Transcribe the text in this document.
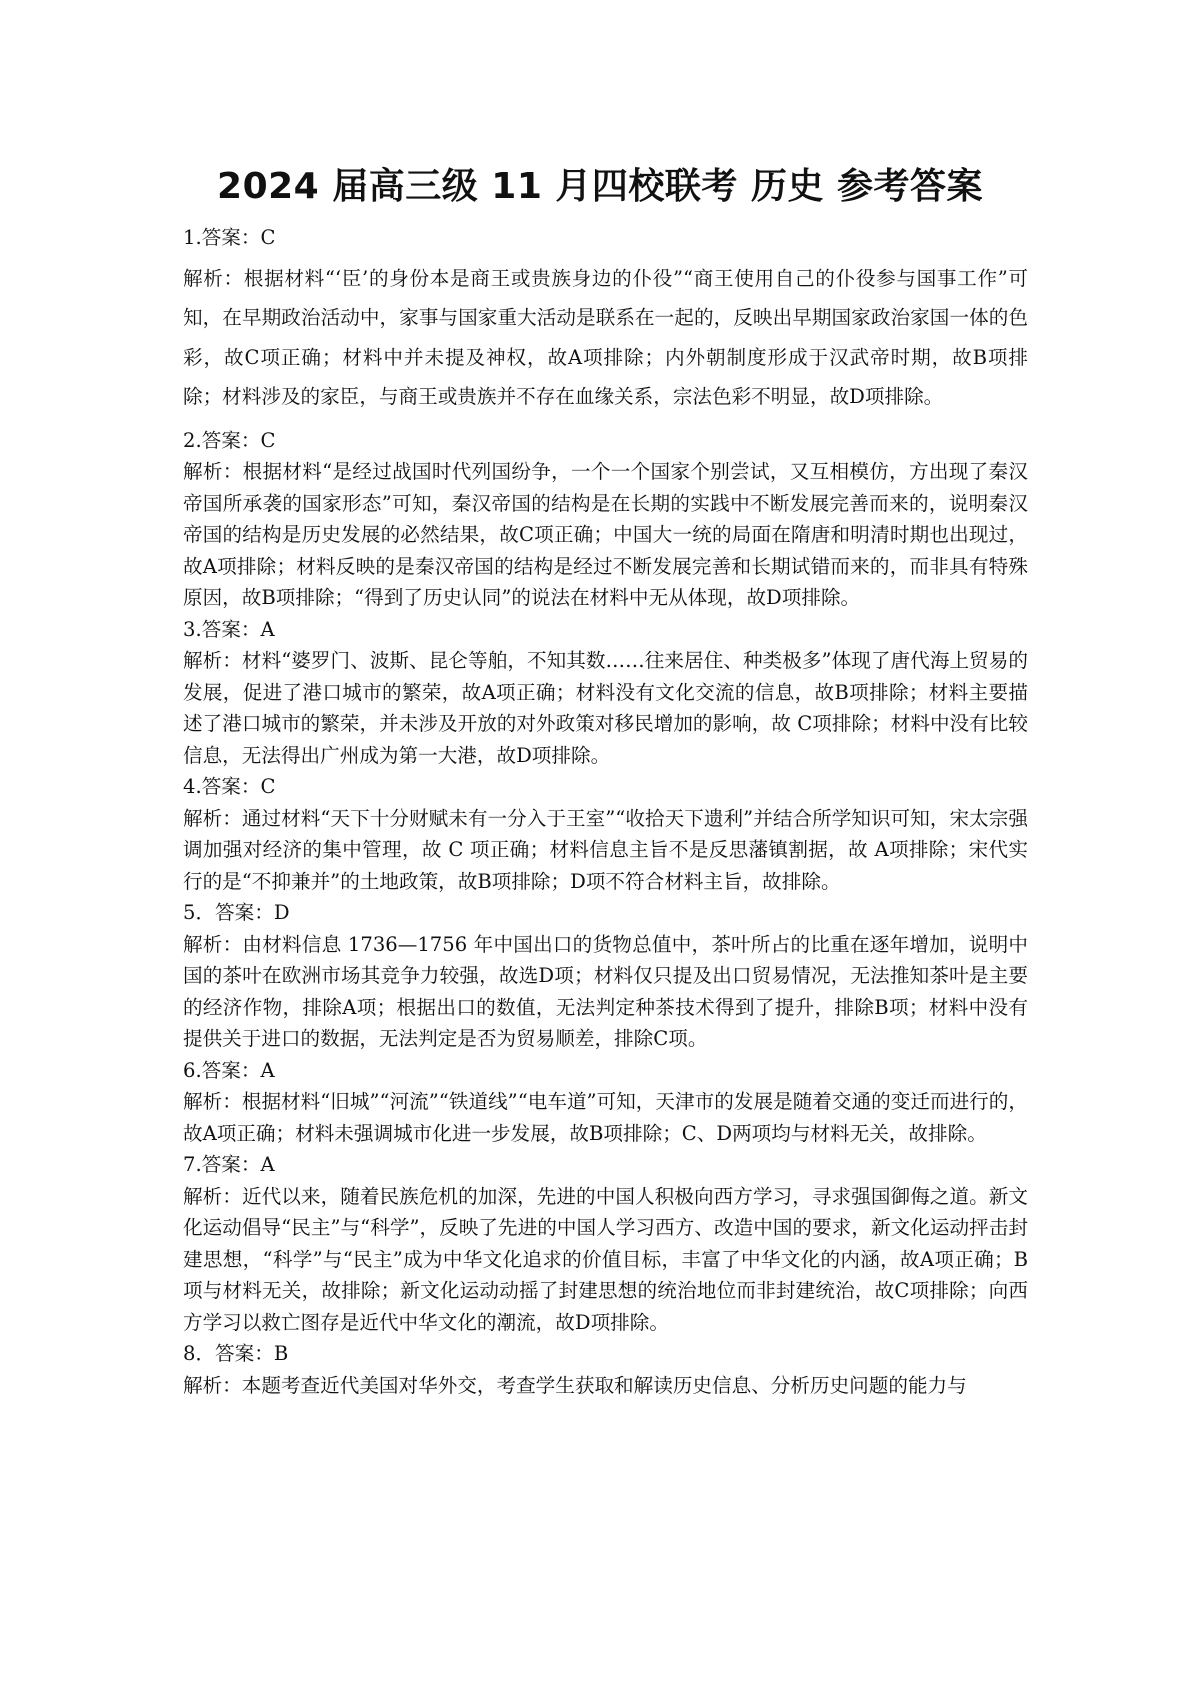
2024 届高三级 11 月四校联考 历史 参考答案

1.答案：C

解析：根据材料“‘臣’的身份本是商王或贵族身边的仆役”“商王使用自己的仆役参与国事工作”可知，在早期政治活动中，家事与国家重大活动是联系在一起的，反映出早期国家政治家国一体的色彩，故C项正确；材料中并未提及神权，故A项排除；内外朝制度形成于汉武帝时期，故B项排除；材料涉及的家臣，与商王或贵族并不存在血缘关系，宗法色彩不明显，故D项排除。

2.答案：C

解析：根据材料“是经过战国时代列国纷争，一个一个国家个别尝试，又互相模仿，方出现了秦汉帝国所承袭的国家形态”可知，秦汉帝国的结构是在长期的实践中不断发展完善而来的，说明秦汉帝国的结构是历史发展的必然结果，故C项正确；中国大一统的局面在隋唐和明清时期也出现过，故A项排除；材料反映的是秦汉帝国的结构是经过不断发展完善和长期试错而来的，而非具有特殊原因，故B项排除；“得到了历史认同”的说法在材料中无从体现，故D项排除。

3.答案：A

解析：材料“婆罗门、波斯、昆仑等舶，不知其数……往来居住、种类极多”体现了唐代海上贸易的发展，促进了港口城市的繁荣，故A项正确；材料没有文化交流的信息，故B项排除；材料主要描述了港口城市的繁荣，并未涉及开放的对外政策对移民增加的影响，故 C项排除；材料中没有比较信息，无法得出广州成为第一大港，故D项排除。

4.答案：C

解析：通过材料“天下十分财赋未有一分入于王室”“收拾天下遗利”并结合所学知识可知，宋太宗强调加强对经济的集中管理，故 C 项正确；材料信息主旨不是反思藩镇割据，故 A项排除；宋代实行的是“不抑兼并”的土地政策，故B项排除；D项不符合材料主旨，故排除。

5．答案：D

解析：由材料信息 1736—1756 年中国出口的货物总值中，茶叶所占的比重在逐年增加，说明中国的茶叶在欧洲市场其竞争力较强，故选D项；材料仅只提及出口贸易情况，无法推知茶叶是主要的经济作物，排除A项；根据出口的数值，无法判定种茶技术得到了提升，排除B项；材料中没有提供关于进口的数据，无法判定是否为贸易顺差，排除C项。

6.答案：A

解析：根据材料“旧城”“河流”“铁道线”“电车道”可知，天津市的发展是随着交通的变迁而进行的，故A项正确；材料未强调城市化进一步发展，故B项排除；C、D两项均与材料无关，故排除。

7.答案：A

解析：近代以来，随着民族危机的加深，先进的中国人积极向西方学习，寻求强国御侮之道。新文化运动倡导“民主”与“科学”，反映了先进的中国人学习西方、改造中国的要求，新文化运动抨击封建思想，“科学”与“民主”成为中华文化追求的价值目标，丰富了中华文化的内涵，故A项正确；B项与材料无关，故排除；新文化运动动摇了封建思想的统治地位而非封建统治，故C项排除；向西方学习以救亡图存是近代中华文化的潮流，故D项排除。

8．答案：B

解析：本题考查近代美国对华外交，考查学生获取和解读历史信息、分析历史问题的能力与
